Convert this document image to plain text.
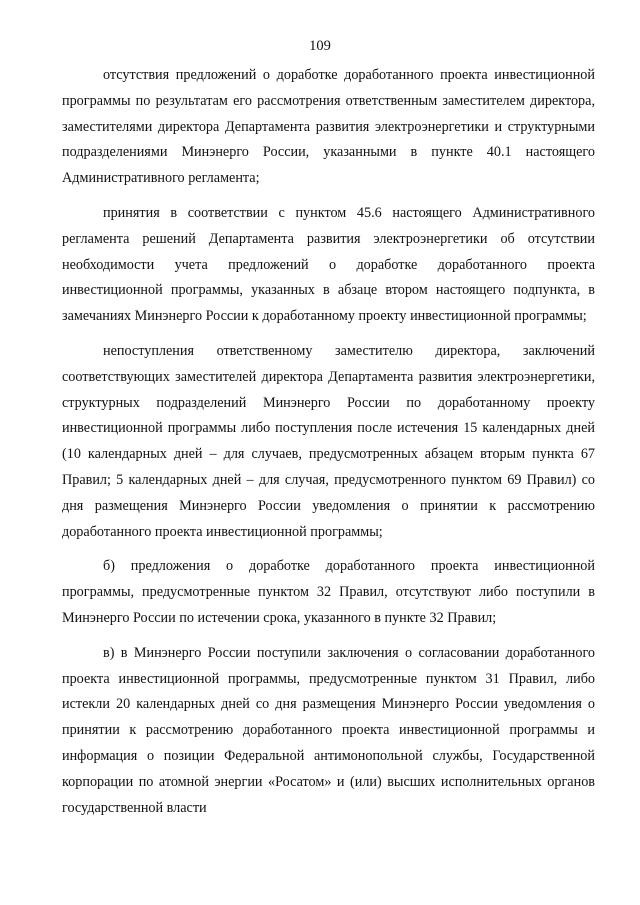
109

отсутствия предложений о доработке доработанного проекта инвестиционной программы по результатам его рассмотрения ответственным заместителем директора, заместителями директора Департамента развития электроэнергетики и структурными подразделениями Минэнерго России, указанными в пункте 40.1 настоящего Административного регламента;

принятия в соответствии с пунктом 45.6 настоящего Административного регламента решений Департамента развития электроэнергетики об отсутствии необходимости учета предложений о доработке доработанного проекта инвестиционной программы, указанных в абзаце втором настоящего подпункта, в замечаниях Минэнерго России к доработанному проекту инвестиционной программы;

непоступления ответственному заместителю директора, заключений соответствующих заместителей директора Департамента развития электроэнергетики, структурных подразделений Минэнерго России по доработанному проекту инвестиционной программы либо поступления после истечения 15 календарных дней (10 календарных дней – для случаев, предусмотренных абзацем вторым пункта 67 Правил; 5 календарных дней – для случая, предусмотренного пунктом 69 Правил) со дня размещения Минэнерго России уведомления о принятии к рассмотрению доработанного проекта инвестиционной программы;

б) предложения о доработке доработанного проекта инвестиционной программы, предусмотренные пунктом 32 Правил, отсутствуют либо поступили в Минэнерго России по истечении срока, указанного в пункте 32 Правил;

в) в Минэнерго России поступили заключения о согласовании доработанного проекта инвестиционной программы, предусмотренные пунктом 31 Правил, либо истекли 20 календарных дней со дня размещения Минэнерго России уведомления о принятии к рассмотрению доработанного проекта инвестиционной программы и информация о позиции Федеральной антимонопольной службы, Государственной корпорации по атомной энергии «Росатом» и (или) высших исполнительных органов государственной власти
